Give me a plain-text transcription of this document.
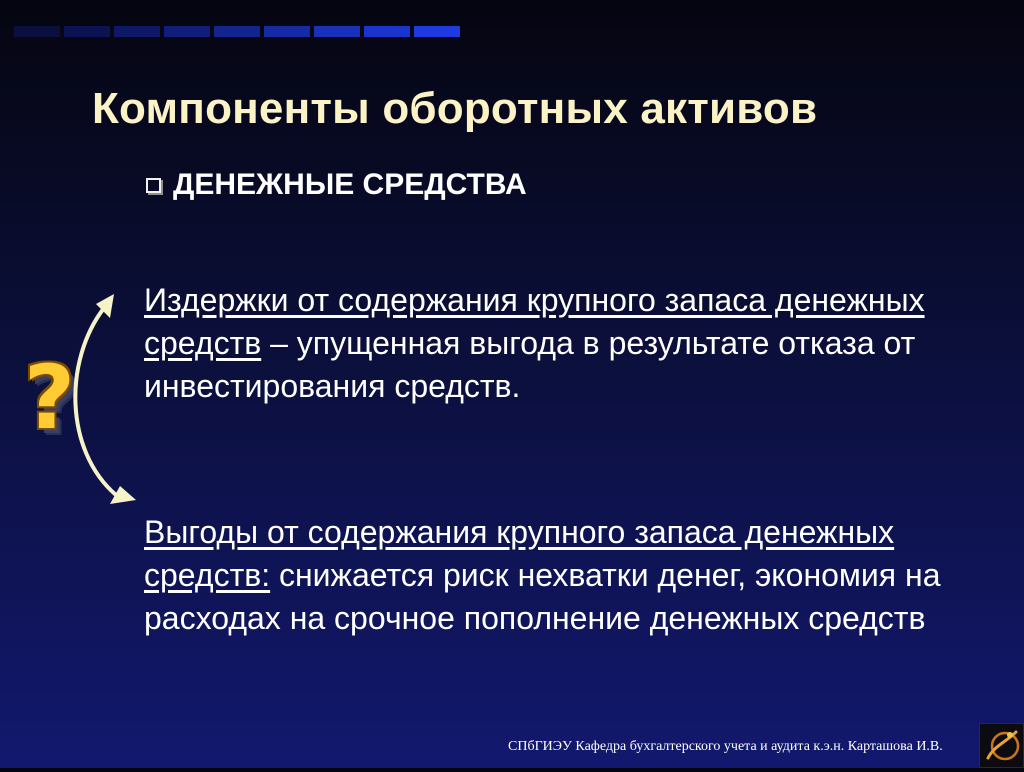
Компоненты оборотных активов
ДЕНЕЖНЫЕ СРЕДСТВА
Издержки от содержания крупного запаса денежных средств – упущенная выгода в результате отказа от инвестирования средств.
Выгоды от содержания крупного запаса денежных средств: снижается риск нехватки денег, экономия на расходах на срочное пополнение денежных средств
?
СПбГИЭУ Кафедра бухгалтерского учета и аудита к.э.н. Карташова И.В.
